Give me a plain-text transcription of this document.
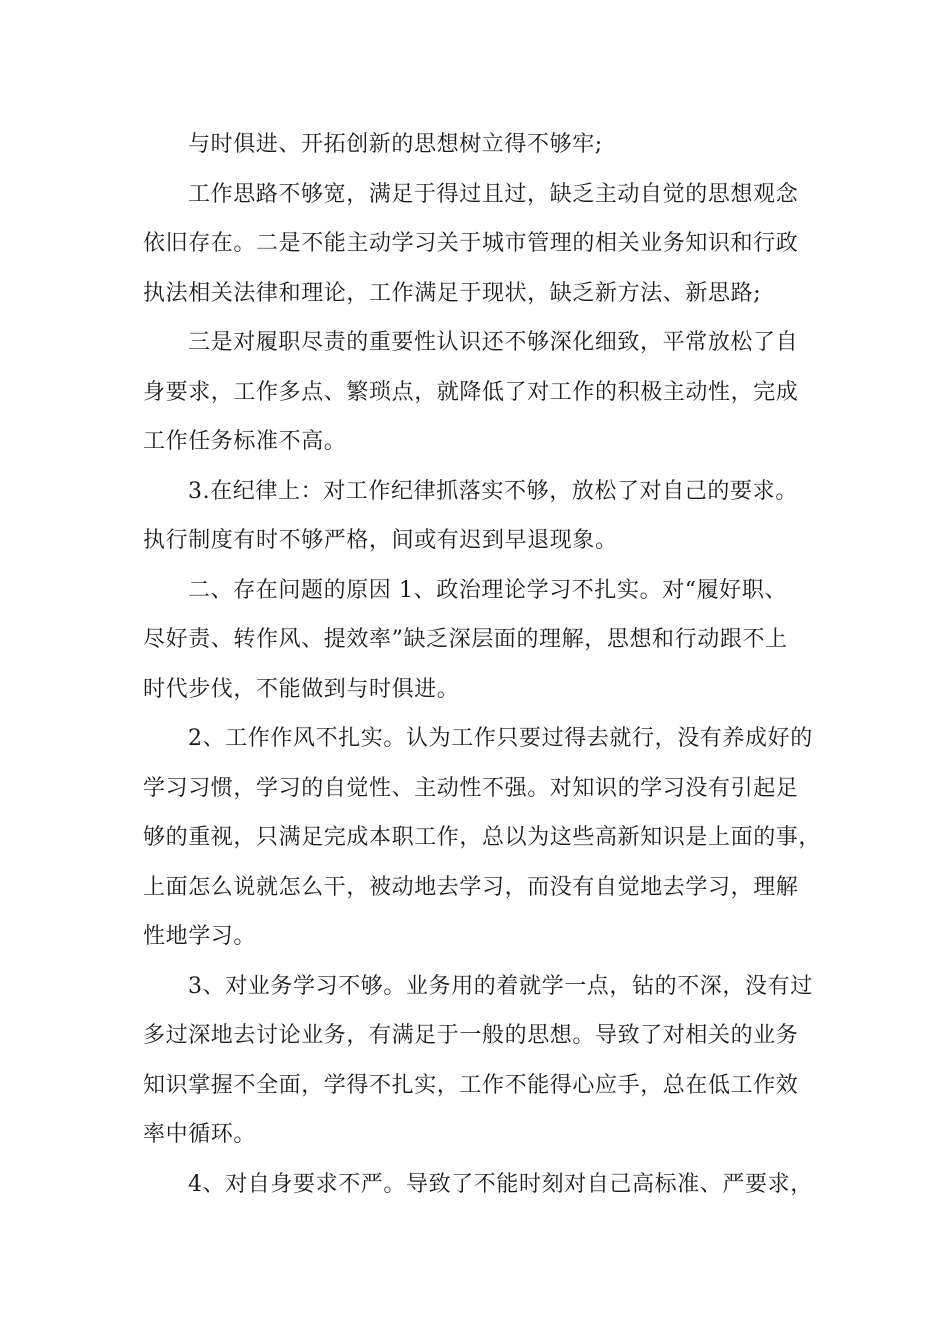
与时俱进、开拓创新的思想树立得不够牢;
工作思路不够宽，满足于得过且过，缺乏主动自觉的思想观念
依旧存在。二是不能主动学习关于城市管理的相关业务知识和行政
执法相关法律和理论，工作满足于现状，缺乏新方法、新思路;
三是对履职尽责的重要性认识还不够深化细致，平常放松了自
身要求，工作多点、繁琐点，就降低了对工作的积极主动性，完成
工作任务标准不高。
3.在纪律上：对工作纪律抓落实不够，放松了对自己的要求。
执行制度有时不够严格，间或有迟到早退现象。
二、存在问题的原因 1、政治理论学习不扎实。对“履好职、
尽好责、转作风、提效率”缺乏深层面的理解，思想和行动跟不上
时代步伐，不能做到与时俱进。
2、工作作风不扎实。认为工作只要过得去就行，没有养成好的
学习习惯，学习的自觉性、主动性不强。对知识的学习没有引起足
够的重视，只满足完成本职工作，总以为这些高新知识是上面的事，
上面怎么说就怎么干，被动地去学习，而没有自觉地去学习，理解
性地学习。
3、对业务学习不够。业务用的着就学一点，钻的不深，没有过
多过深地去讨论业务，有满足于一般的思想。导致了对相关的业务
知识掌握不全面，学得不扎实，工作不能得心应手，总在低工作效
率中循环。
4、对自身要求不严。导致了不能时刻对自己高标准、严要求，
